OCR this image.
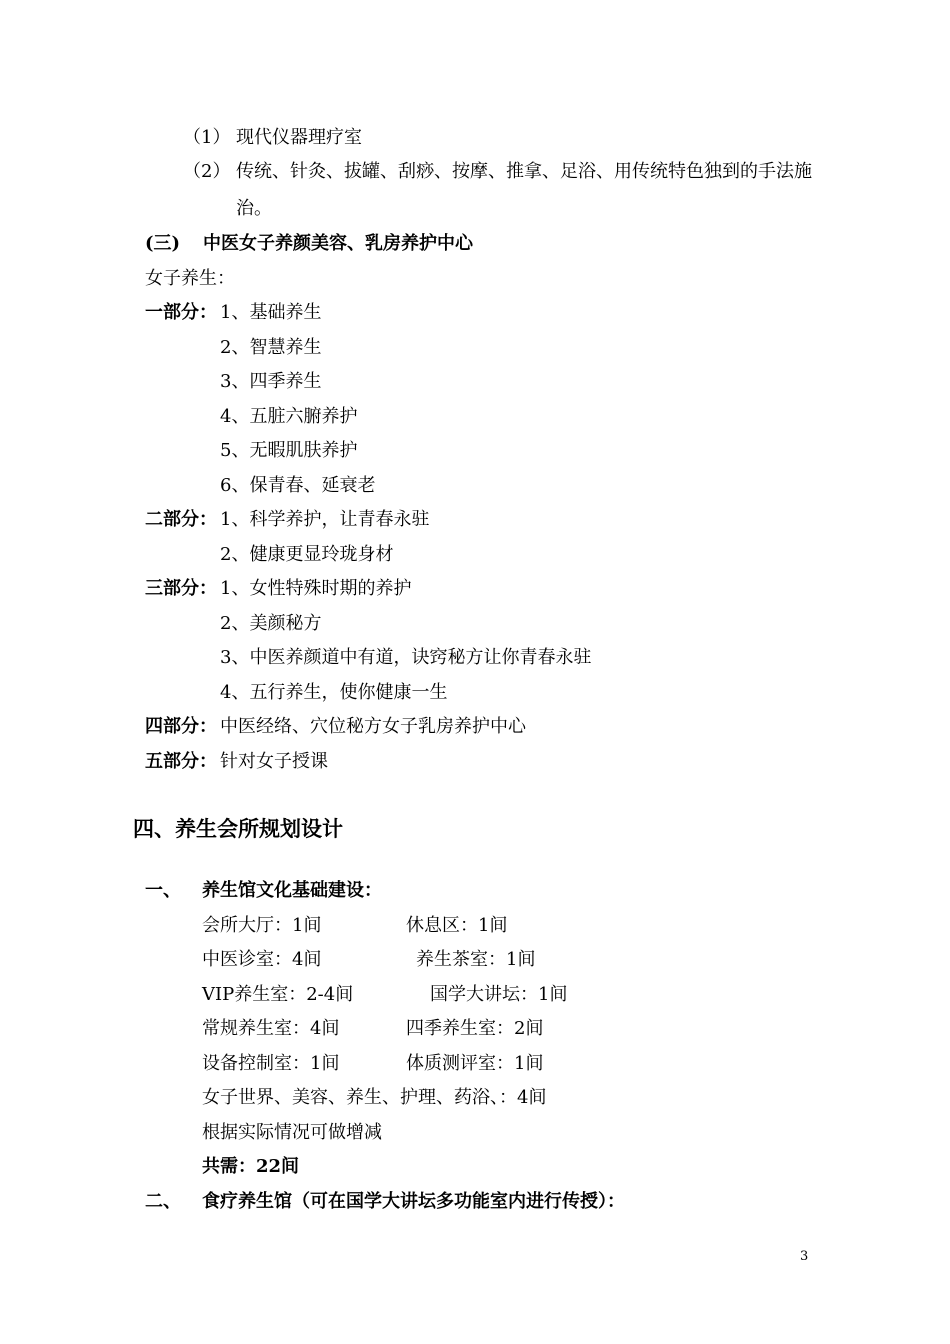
（1） 现代仪器理疗室
（2） 传统、针灸、拔罐、刮痧、按摩、推拿、足浴、用传统特色独到的手法施
治。
(三) 中医女子养颜美容、乳房养护中心
女子养生：
一部分： 1、基础养生
2、智慧养生
3、四季养生
4、五脏六腑养护
5、无暇肌肤养护
6、保青春、延衰老
二部分： 1、科学养护，让青春永驻
2、健康更显玲珑身材
三部分： 1、女性特殊时期的养护
2、美颜秘方
3、中医养颜道中有道，诀窍秘方让你青春永驻
4、五行养生，使你健康一生
四部分： 中医经络、穴位秘方女子乳房养护中心
五部分： 针对女子授课
四、养生会所规划设计
一、 养生馆文化基础建设：
会所大厅：1间	休息区：1间
中医诊室：4间	养生茶室：1间
VIP养生室：2-4间	国学大讲坛：1间
常规养生室：4间	四季养生室：2间
设备控制室：1间	体质测评室：1间
女子世界、美容、养生、护理、药浴、：4间
根据实际情况可做增减
共需：22间
二、 食疗养生馆（可在国学大讲坛多功能室内进行传授）：
3
